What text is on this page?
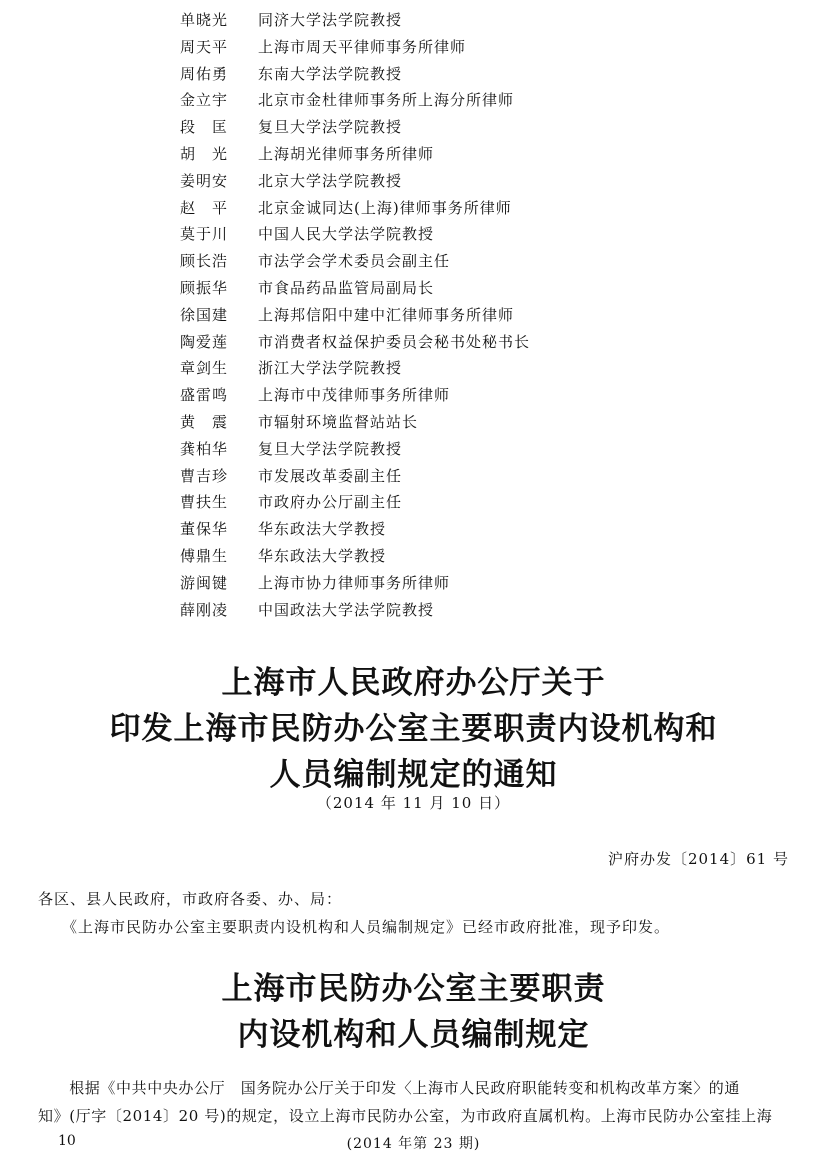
单晓光 同济大学法学院教授
周天平 上海市周天平律师事务所律师
周佑勇 东南大学法学院教授
金立宇 北京市金杜律师事务所上海分所律师
段　匡 复旦大学法学院教授
胡　光 上海胡光律师事务所律师
姜明安 北京大学法学院教授
赵　平 北京金诚同达(上海)律师事务所律师
莫于川 中国人民大学法学院教授
顾长浩 市法学会学术委员会副主任
顾振华 市食品药品监管局副局长
徐国建 上海邦信阳中建中汇律师事务所律师
陶爱莲 市消费者权益保护委员会秘书处秘书长
章剑生 浙江大学法学院教授
盛雷鸣 上海市中茂律师事务所律师
黄　震 市辐射环境监督站站长
龚柏华 复旦大学法学院教授
曹吉珍 市发展改革委副主任
曹扶生 市政府办公厅副主任
董保华 华东政法大学教授
傅鼎生 华东政法大学教授
游闽键 上海市协力律师事务所律师
薛刚凌 中国政法大学法学院教授
上海市人民政府办公厅关于
印发上海市民防办公室主要职责内设机构和
人员编制规定的通知
（2014 年 11 月 10 日）
沪府办发〔2014〕61 号
各区、县人民政府，市政府各委、办、局：
《上海市民防办公室主要职责内设机构和人员编制规定》已经市政府批准，现予印发。
上海市民防办公室主要职责
内设机构和人员编制规定
　　根据《中共中央办公厅　国务院办公厅关于印发〈上海市人民政府职能转变和机构改革方案〉的通
知》(厅字〔2014〕20 号)的规定，设立上海市民防办公室，为市政府直属机构。上海市民防办公室挂上海
10	(2014 年第 23 期)
